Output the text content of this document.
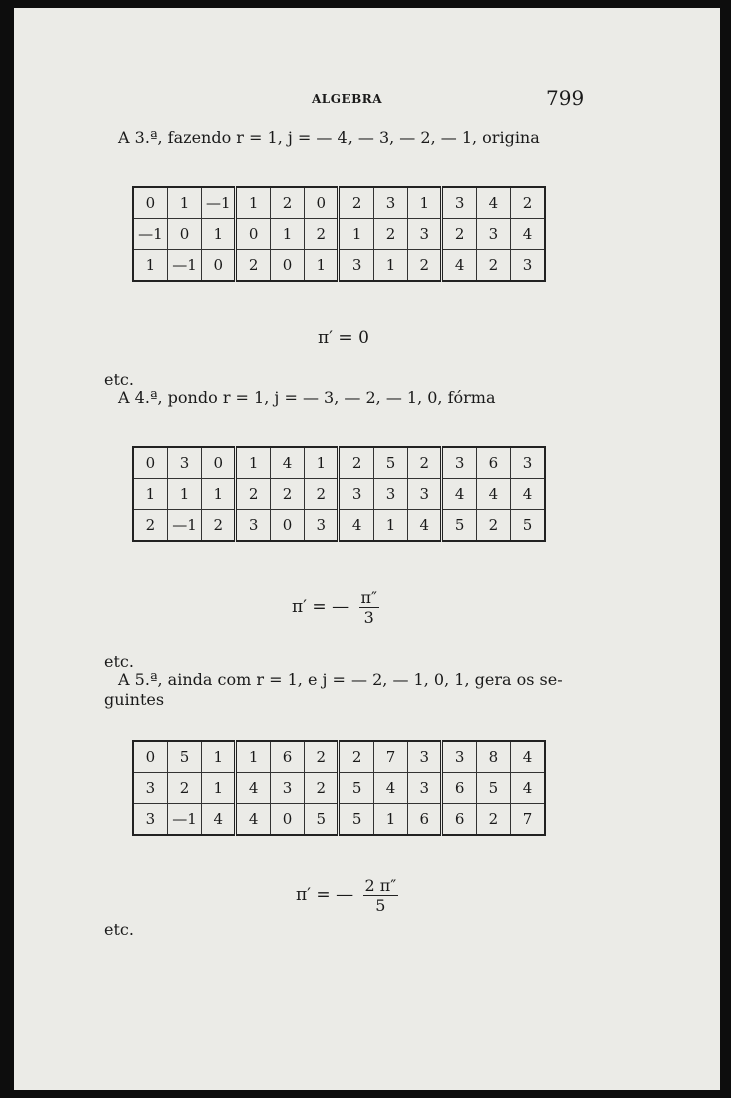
ALGEBRA	799
A 3.ª, fazendo r = 1, j = — 4, — 3, — 2, — 1, origina
0	1	—1	1	2	0	2	3	1	3	4	2
—1	0	1	0	1	2	1	2	3	2	3	4
1	—1	0	2	0	1	3	1	2	4	2	3
π′ = 0
etc.
A 4.ª, pondo r = 1, j = — 3, — 2, — 1, 0, fórma
0	3	0	1	4	1	2	5	2	3	6	3
1	1	1	2	2	2	3	3	3	4	4	4
2	—1	2	3	0	3	4	1	4	5	2	5
π′ = — $\frac{\pi''}{3}$
etc.
A 5.ª, ainda com r = 1, e j = — 2, — 1, 0, 1, gera os se-
guintes
0	5	1	1	6	2	2	7	3	3	8	4
3	2	1	4	3	2	5	4	3	6	5	4
3	—1	4	4	0	5	5	1	6	6	2	7
π′ = — $\frac{2 \pi''}{5}$
etc.
